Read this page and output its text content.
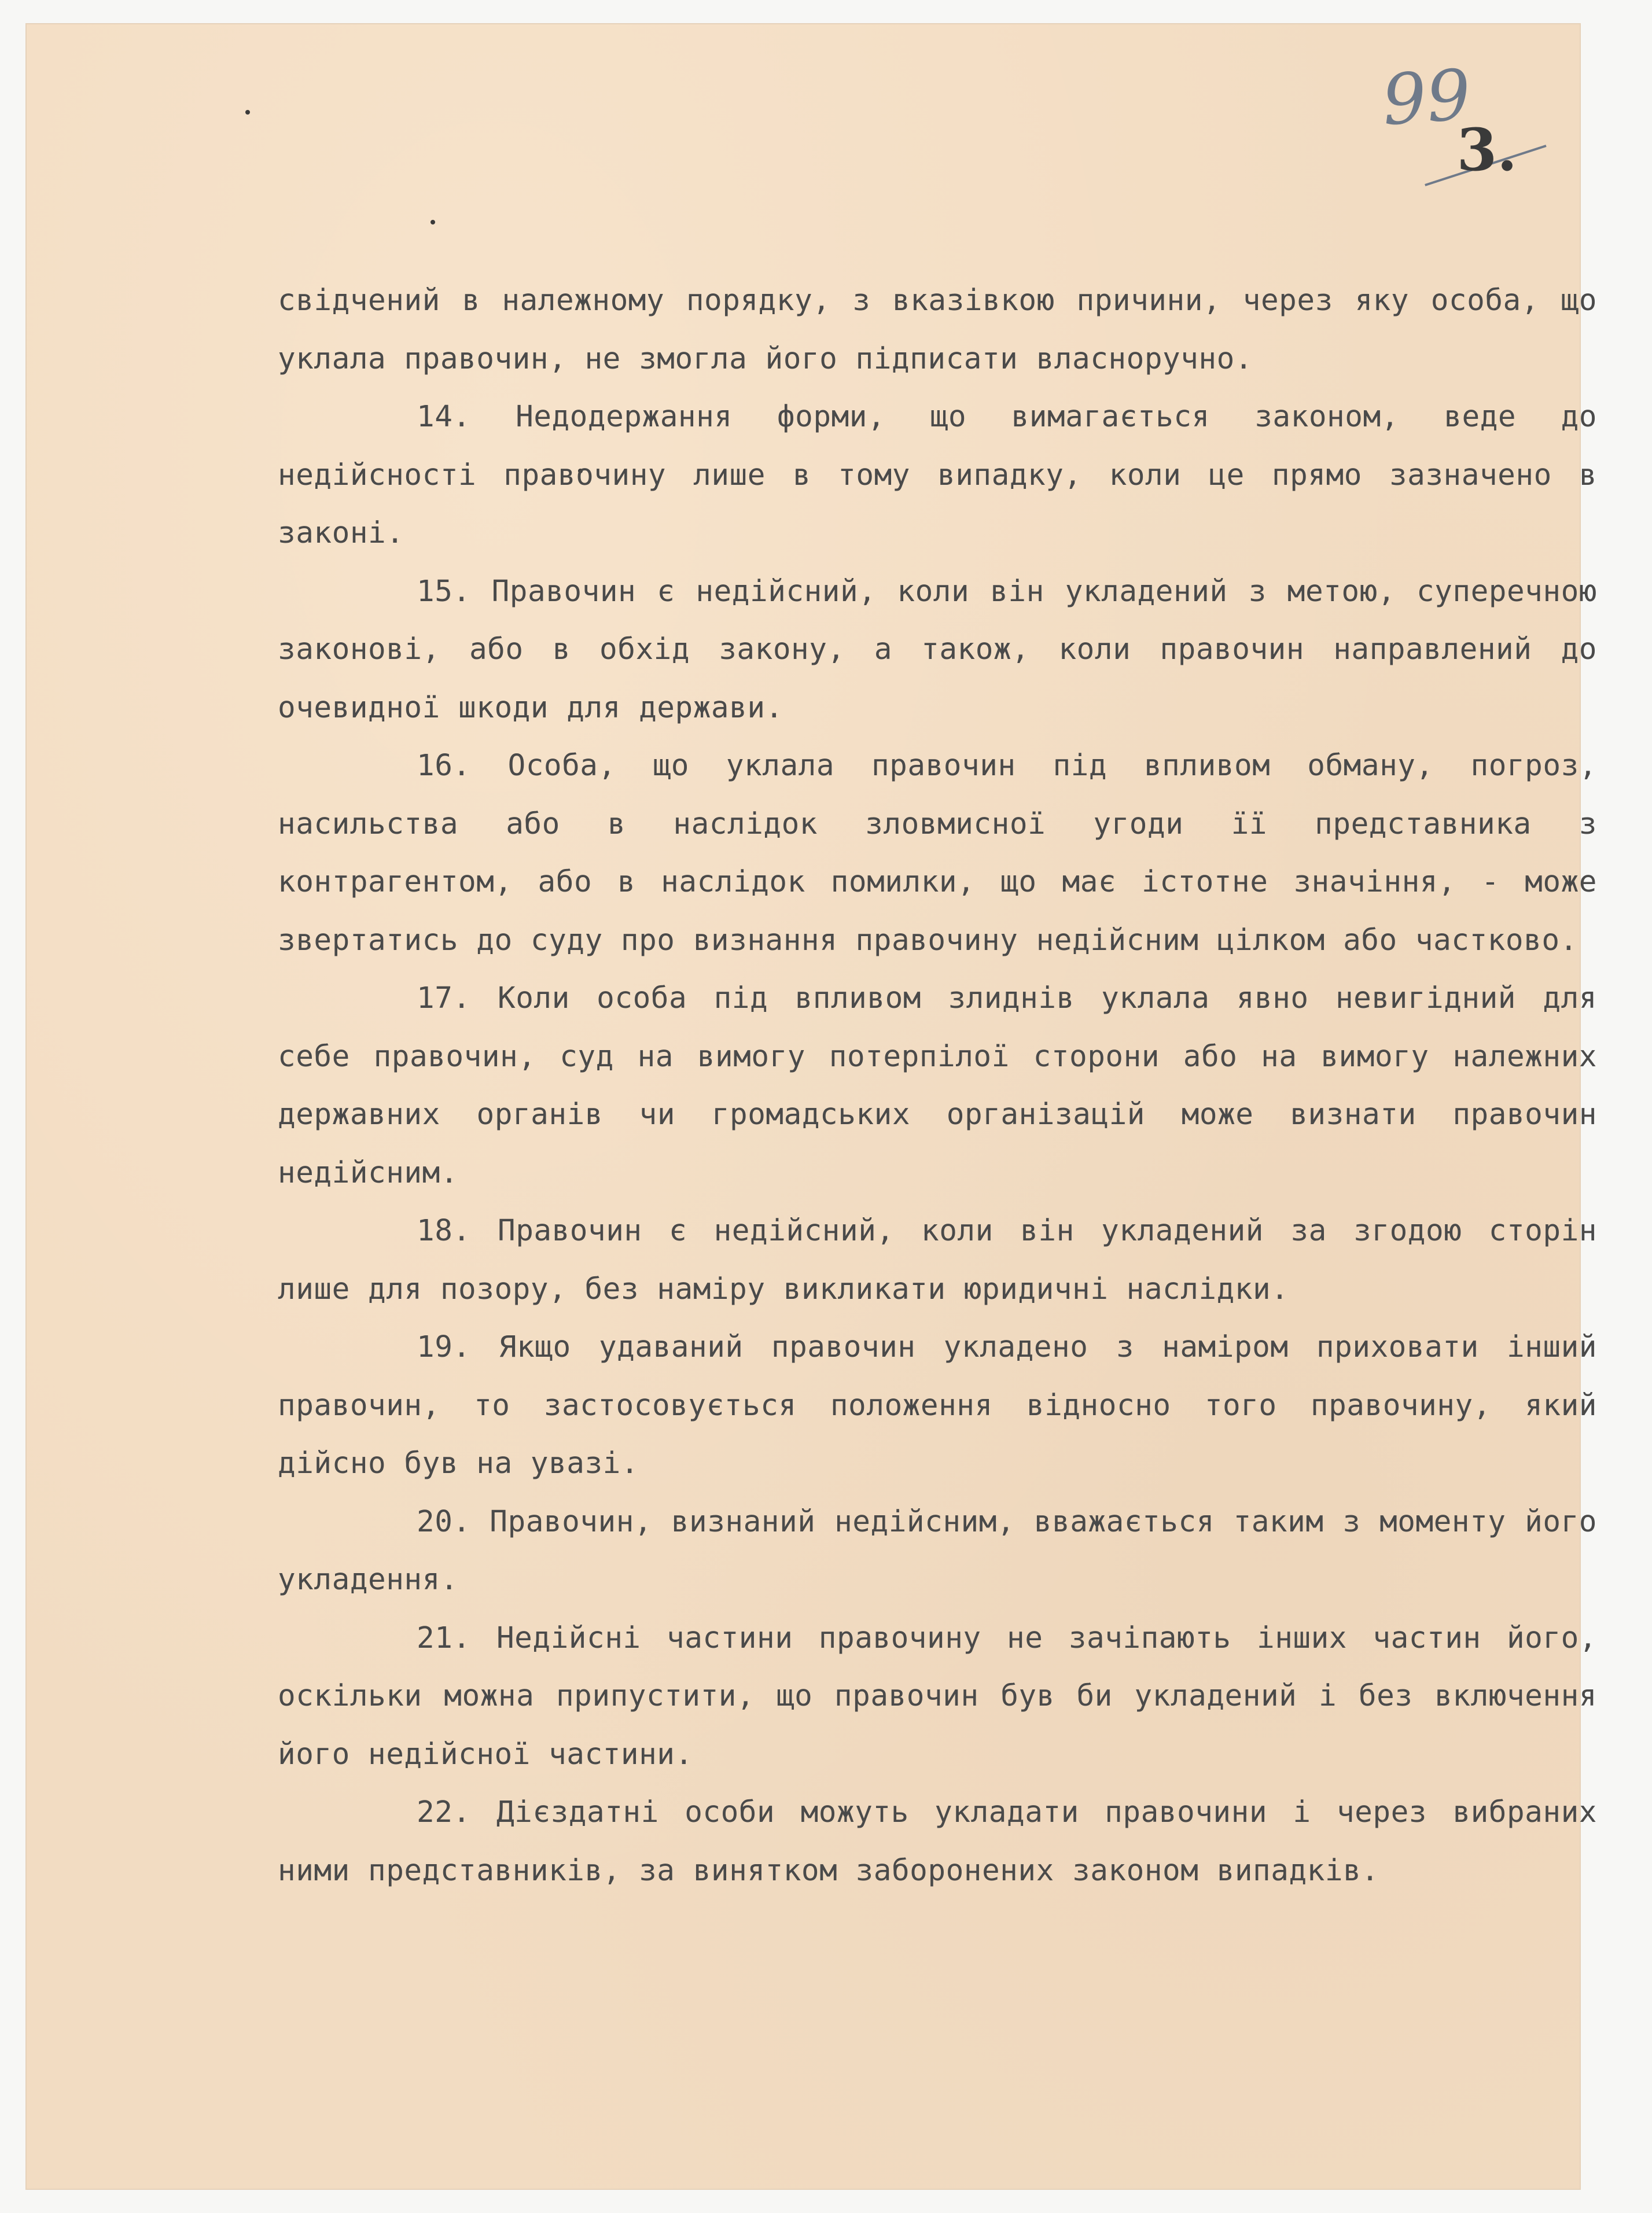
99
3.

свідчений в належному порядку, з вказівкою причини, через яку особа, що уклала правочин, не змогла його підписати власноручно.

14. Недодержання форми, що вимагається законом, веде до недійсності правочину лише в тому випадку, коли це прямо зазначено в законі.

15. Правочин є недійсний, коли він укладений з метою, суперечною законові, або в обхід закону, а також, коли правочин направлений до очевидної шкоди для держави.

16. Особа, що уклала правочин під впливом обману, погроз, насильства або в наслідок зловмисної угоди її представника з контрагентом, або в наслідок помилки, що має істотне значіння, - може звертатись до суду про визнання правочину недійсним цілком або частково.

17. Коли особа під впливом злиднів уклала явно невигідний для себе правочин, суд на вимогу потерпілої сторони або на вимогу належних державних органів чи громадських організацій може визнати правочин недійсним.

18. Правочин є недійсний, коли він укладений за згодою сторін лише для позору, без наміру викликати юридичні наслідки.

19. Якщо удаваний правочин укладено з наміром приховати інший правочин, то застосовується положення відносно того правочину, який дійсно був на увазі.

20. Правочин, визнаний недійсним, вважається таким з моменту його укладення.

21. Недійсні частини правочину не зачіпають інших частин його, оскільки можна припустити, що правочин був би укладений і без включення його недійсної частини.

22. Дієздатні особи можуть укладати правочини і через вибраних ними представників, за винятком заборонених законом випадків.
